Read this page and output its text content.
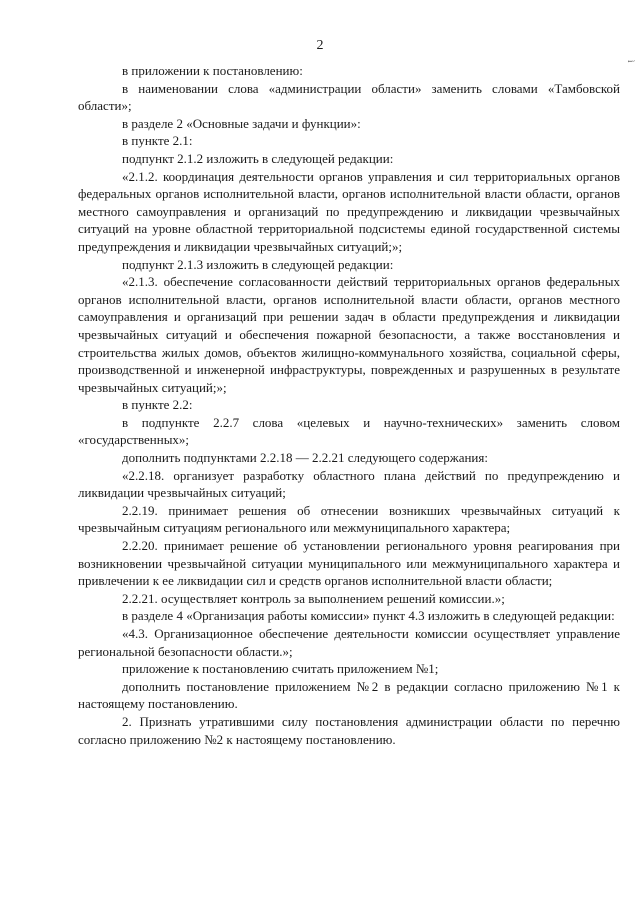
2
ì

в приложении к постановлению:

в наименовании слова «администрации области» заменить словами «Тамбовской области»;

в разделе 2 «Основные задачи и функции»:

в пункте 2.1:

подпункт 2.1.2 изложить в следующей редакции:

«2.1.2. координация деятельности органов управления и сил территориальных органов федеральных органов исполнительной власти, органов исполнительной власти области, органов местного самоуправления и организаций по предупреждению и ликвидации чрезвычайных ситуаций на уровне областной территориальной подсистемы единой государственной системы предупреждения и ликвидации чрезвычайных ситуаций;»;

подпункт 2.1.3 изложить в следующей редакции:

«2.1.3. обеспечение согласованности действий территориальных органов федеральных органов исполнительной власти, органов исполнительной власти области, органов местного самоуправления и организаций при решении задач в области предупреждения и ликвидации чрезвычайных ситуаций и обеспечения пожарной безопасности, а также восстановления и строительства жилых домов, объектов жилищно-коммунального хозяйства, социальной сферы, производственной и инженерной инфраструктуры, поврежденных и разрушенных в результате чрезвычайных ситуаций;»;

в пункте 2.2:

в подпункте 2.2.7 слова «целевых и научно-технических» заменить словом «государственных»;

дополнить подпунктами 2.2.18 — 2.2.21 следующего содержания:

«2.2.18. организует разработку областного плана действий по предупреждению и ликвидации чрезвычайных ситуаций;

2.2.19. принимает решения об отнесении возникших чрезвычайных ситуаций к чрезвычайным ситуациям регионального или межмуниципального характера;

2.2.20. принимает решение об установлении регионального уровня реагирования при возникновении чрезвычайной ситуации муниципального или межмуниципального характера и привлечении к ее ликвидации сил и средств органов исполнительной власти области;

2.2.21. осуществляет контроль за выполнением решений комиссии.»;

в разделе 4 «Организация работы комиссии» пункт 4.3 изложить в следующей редакции:

«4.3. Организационное обеспечение деятельности комиссии осуществляет управление региональной безопасности области.»;

приложение к постановлению считать приложением №1;

дополнить постановление приложением №2 в редакции согласно приложению №1 к настоящему постановлению.

2. Признать утратившими силу постановления администрации области по перечню согласно приложению №2 к настоящему постановлению.
